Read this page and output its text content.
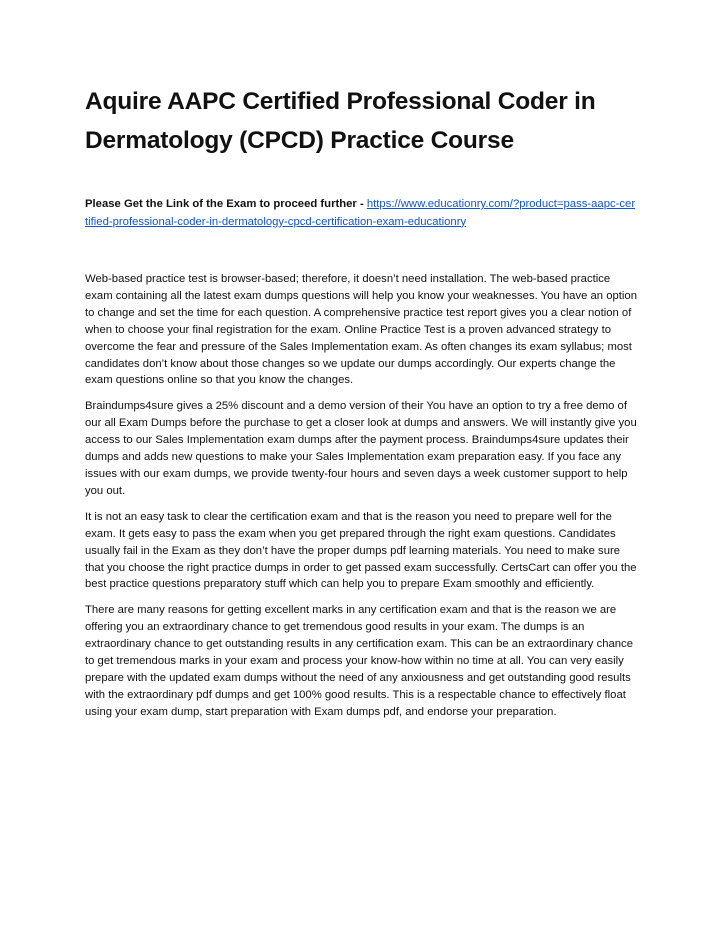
Aquire AAPC Certified Professional Coder in Dermatology (CPCD) Practice Course
Please Get the Link of the Exam to proceed further - https://www.educationry.com/?product=pass-aapc-certified-professional-coder-in-dermatology-cpcd-certification-exam-educationry

Web-based practice test is browser-based; therefore, it doesn’t need installation. The web-based practice exam containing all the latest exam dumps questions will help you know your weaknesses. You have an option to change and set the time for each question. A comprehensive practice test report gives you a clear notion of when to choose your final registration for the exam. Online Practice Test is a proven advanced strategy to overcome the fear and pressure of the Sales Implementation exam. As often changes its exam syllabus; most candidates don’t know about those changes so we update our dumps accordingly. Our experts change the exam questions online so that you know the changes.

Braindumps4sure gives a 25% discount and a demo version of their You have an option to try a free demo of our all Exam Dumps before the purchase to get a closer look at dumps and answers. We will instantly give you access to our Sales Implementation exam dumps after the payment process. Braindumps4sure updates their dumps and adds new questions to make your Sales Implementation exam preparation easy. If you face any issues with our exam dumps, we provide twenty-four hours and seven days a week customer support to help you out.

It is not an easy task to clear the certification exam and that is the reason you need to prepare well for the exam. It gets easy to pass the exam when you get prepared through the right exam questions. Candidates usually fail in the Exam as they don’t have the proper dumps pdf learning materials. You need to make sure that you choose the right practice dumps in order to get passed exam successfully. CertsCart can offer you the best practice questions preparatory stuff which can help you to prepare Exam smoothly and efficiently.

There are many reasons for getting excellent marks in any certification exam and that is the reason we are offering you an extraordinary chance to get tremendous good results in your exam. The dumps is an extraordinary chance to get outstanding results in any certification exam. This can be an extraordinary chance to get tremendous marks in your exam and process your know-how within no time at all. You can very easily prepare with the updated exam dumps without the need of any anxiousness and get outstanding good results with the extraordinary pdf dumps and get 100% good results. This is a respectable chance to effectively float using your exam dump, start preparation with Exam dumps pdf, and endorse your preparation.
